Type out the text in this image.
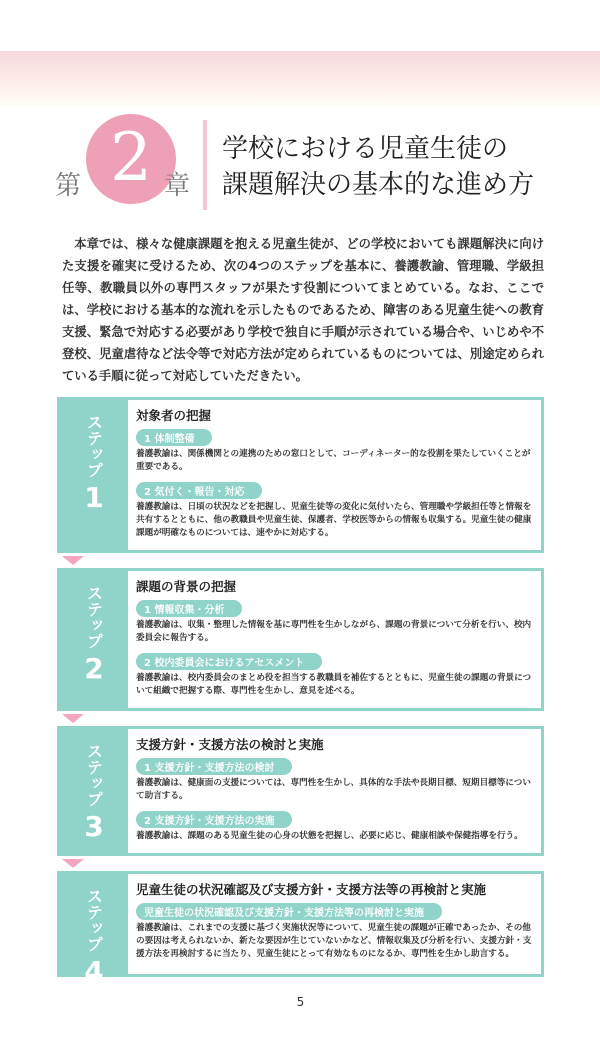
第 2 章
学校における児童生徒の
課題解決の基本的な進め方

本章では、様々な健康課題を抱える児童生徒が、どの学校においても課題解決に向けた支援を確実に受けるため、次の4つのステップを基本に、養護教諭、管理職、学級担任等、教職員以外の専門スタッフが果たす役割についてまとめている。なお、ここでは、学校における基本的な流れを示したものであるため、障害のある児童生徒への教育支援、緊急で対応する必要があり学校で独自に手順が示されている場合や、いじめや不登校、児童虐待など法令等で対応方法が定められているものについては、別途定められている手順に従って対応していただきたい。

ステップ
1
対象者の把握
1 体制整備
養護教諭は、関係機関との連携のための窓口として、コーディネーター的な役割を果たしていくことが重要である。
2 気付く・報告・対応
養護教諭は、日頃の状況などを把握し、児童生徒等の変化に気付いたら、管理職や学級担任等と情報を共有するとともに、他の教職員や児童生徒、保護者、学校医等からの情報も収集する。児童生徒の健康課題が明確なものについては、速やかに対応する。
ステップ
2
課題の背景の把握
1 情報収集・分析
養護教諭は、収集・整理した情報を基に専門性を生かしながら、課題の背景について分析を行い、校内委員会に報告する。
2 校内委員会におけるアセスメント
養護教諭は、校内委員会のまとめ役を担当する教職員を補佐するとともに、児童生徒の課題の背景について組織で把握する際、専門性を生かし、意見を述べる。
ステップ
3
支援方針・支援方法の検討と実施
1 支援方針・支援方法の検討
養護教諭は、健康面の支援については、専門性を生かし、具体的な手法や長期目標、短期目標等について助言する。
2 支援方針・支援方法の実施
養護教諭は、課題のある児童生徒の心身の状態を把握し、必要に応じ、健康相談や保健指導を行う。
ステップ
4
児童生徒の状況確認及び支援方針・支援方法等の再検討と実施
児童生徒の状況確認及び支援方針・支援方法等の再検討と実施
養護教諭は、これまでの支援に基づく実施状況等について、児童生徒の課題が正確であったか、その他の要因は考えられないか、新たな要因が生じていないかなど、情報収集及び分析を行い、支援方針・支援方法を再検討するに当たり、児童生徒にとって有効なものになるか、専門性を生かし助言する。
5
